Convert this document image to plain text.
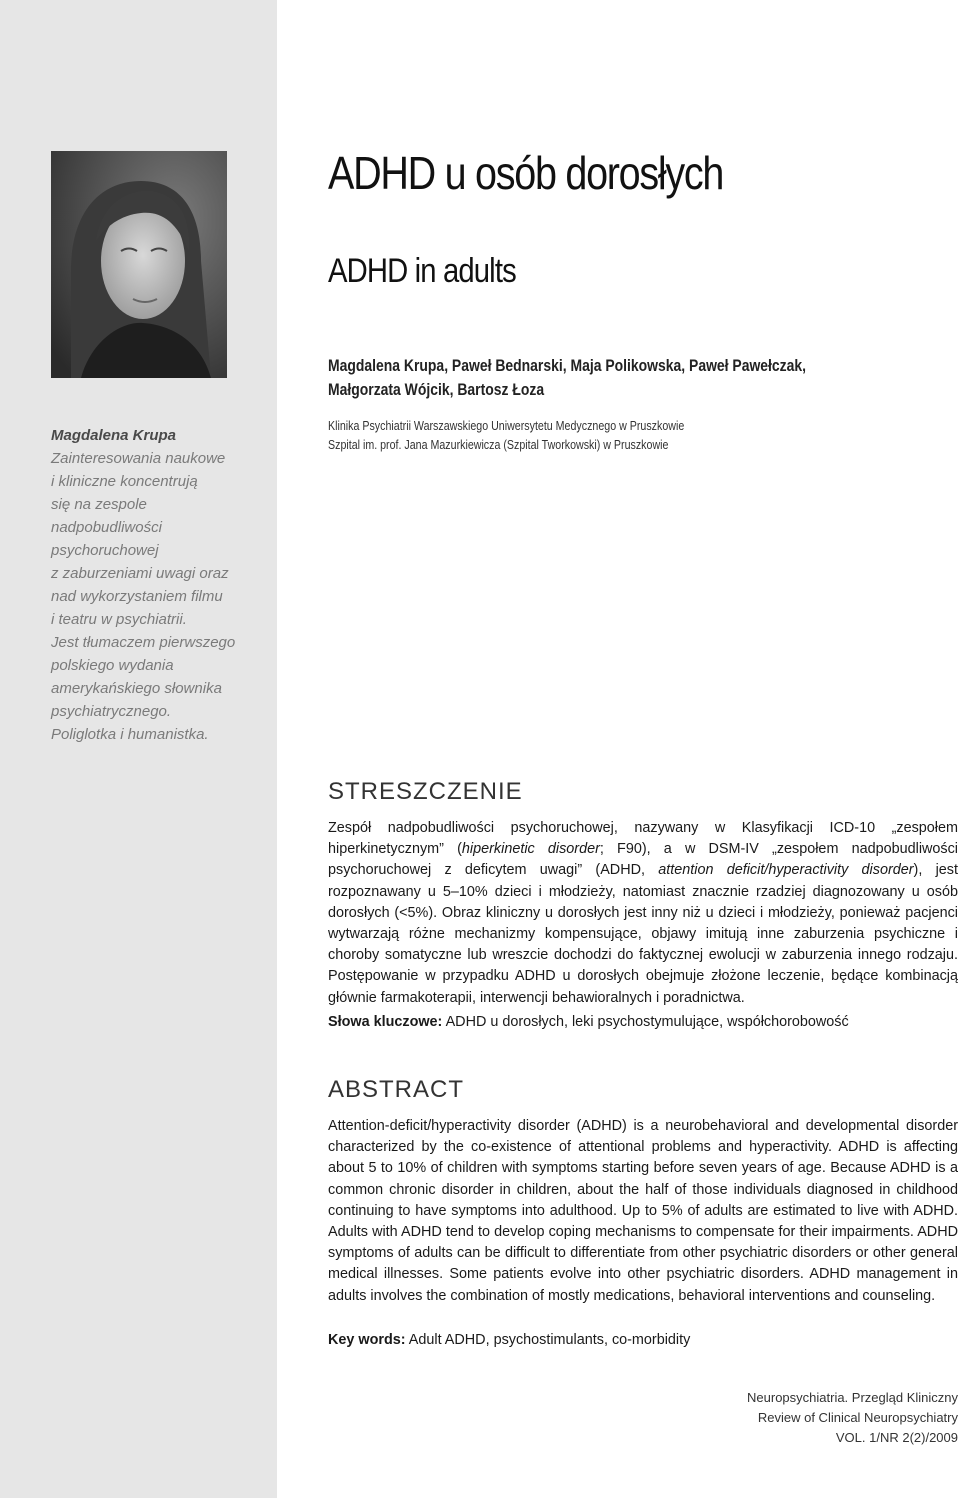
Magdalena Krupa
Zainteresowania naukowe
i kliniczne koncentrują
się na zespole
nadpobudliwości
psychoruchowej
z zaburzeniami uwagi oraz
nad wykorzystaniem filmu
i teatru w psychiatrii.
Jest tłumaczem pierwszego
polskiego wydania
amerykańskiego słownika
psychiatrycznego.
Poliglotka i humanistka.
ADHD u osób dorosłych
ADHD in adults
Magdalena Krupa, Paweł Bednarski, Maja Polikowska, Paweł Pawełczak,
Małgorzata Wójcik, Bartosz Łoza
Klinika Psychiatrii Warszawskiego Uniwersytetu Medycznego w Pruszkowie
Szpital im. prof. Jana Mazurkiewicza (Szpital Tworkowski) w Pruszkowie
STRESZCZENIE

Zespół nadpobudliwości psychoruchowej, nazywany w Klasyfikacji ICD-10 „zespołem hiperkinetycznym” (hiperkinetic disorder; F90), a w DSM-IV „zespołem nadpobudliwości psychoruchowej z deficytem uwagi” (ADHD, attention deficit/hyperactivity disorder), jest rozpoznawany u 5–10% dzieci i młodzieży, natomiast znacznie rzadziej diagnozowany u osób dorosłych (<5%). Obraz kliniczny u dorosłych jest inny niż u dzieci i młodzieży, ponieważ pacjenci wytwarzają różne mechanizmy kompensujące, objawy imitują inne zaburzenia psychiczne i choroby somatyczne lub wreszcie dochodzi do faktycznej ewolucji w zaburzenia innego rodzaju. Postępowanie w przypadku ADHD u dorosłych obejmuje złożone leczenie, będące kombinacją głównie farmakoterapii, interwencji behawioralnych i poradnictwa.

Słowa kluczowe: ADHD u dorosłych, leki psychostymulujące, współchorobowość
ABSTRACT

Attention-deficit/hyperactivity disorder (ADHD) is a neurobehavioral and developmental disorder characterized by the co-existence of attentional problems and hyperactivity. ADHD is affecting about 5 to 10% of children with symptoms starting before seven years of age. Because ADHD is a common chronic disorder in children, about the half of those individuals diagnosed in childhood continuing to have symptoms into adulthood. Up to 5% of adults are estimated to live with ADHD. Adults with ADHD tend to develop coping mechanisms to compensate for their impairments. ADHD symptoms of adults can be difficult to differentiate from other psychiatric disorders or other general medical illnesses. Some patients evolve into other psychiatric disorders. ADHD management in adults involves the combination of mostly medications, behavioral interventions and counseling.

Key words: Adult ADHD, psychostimulants, co-morbidity
Neuropsychiatria. Przegląd Kliniczny
Review of Clinical Neuropsychiatry
VOL. 1/NR 2(2)/2009
